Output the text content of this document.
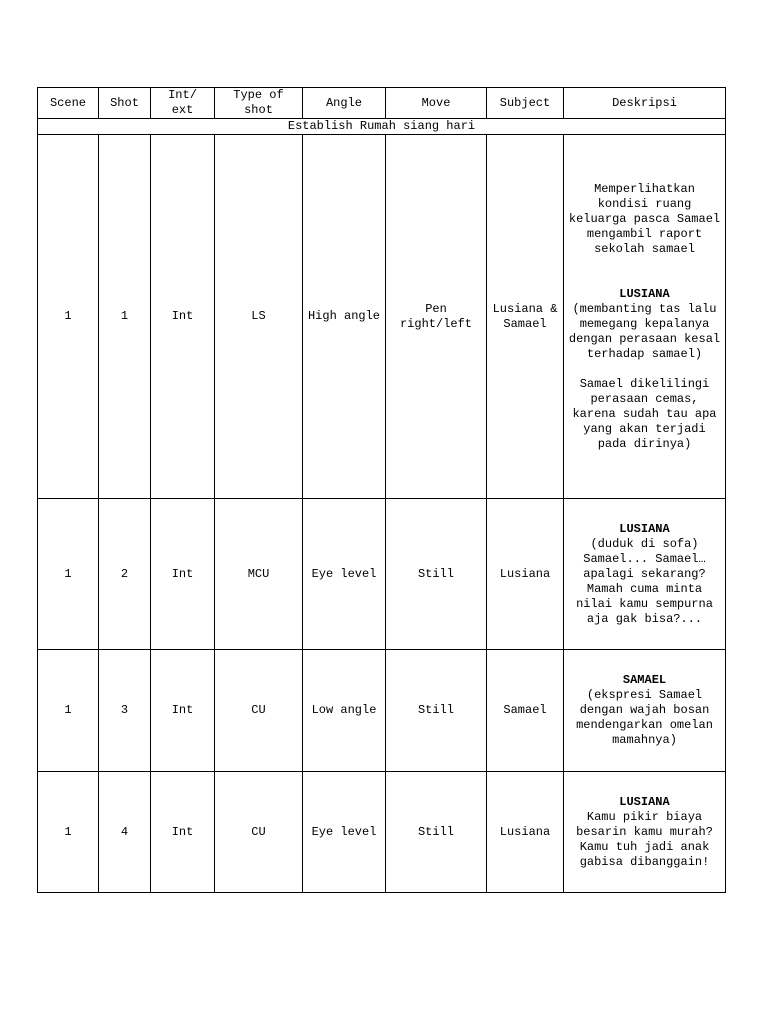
Scene	Shot	Int/ ext	Type of shot	Angle	Move	Subject	Deskripsi
Establish Rumah siang hari							
1	1	Int	LS	High angle	Pen right/left	Lusiana & Samael	Memperlihatkan kondisi ruang keluarga pasca Samael mengambil raport sekolah samael
LUSIANA
(membanting tas lalu memegang kepalanya dengan perasaan kesal terhadap samael)
Samael dikelilingi perasaan cemas, karena sudah tau apa yang akan terjadi pada dirinya)

1	2	Int	MCU	Eye level	Still	Lusiana	LUSIANA
(duduk di sofa) Samael... Samael… apalagi sekarang? Mamah cuma minta nilai kamu sempurna aja gak bisa?...
1	3	Int	CU	Low angle	Still	Samael	SAMAEL
(ekspresi Samael dengan wajah bosan mendengarkan omelan mamahnya)
1	4	Int	CU	Eye level	Still	Lusiana	LUSIANA
Kamu pikir biaya besarin kamu murah? Kamu tuh jadi anak gabisa dibanggain!
